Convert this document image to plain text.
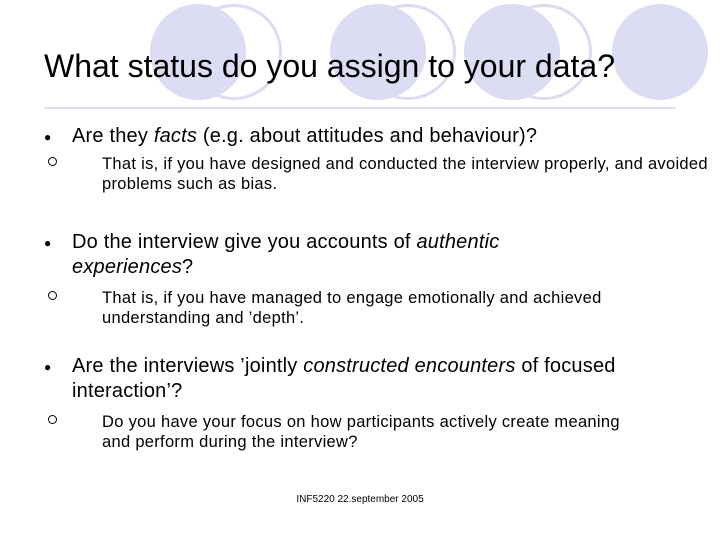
What status do you assign to your data?
● Are they facts (e.g. about attitudes and behaviour)?
That is, if you have designed and conducted the interview properly, and avoided problems such as bias.
● Do the interview give you accounts of authentic experiences?
That is, if you have managed to engage emotionally and achieved understanding and ’depth’.
● Are the interviews ’jointly constructed encounters of focused interaction’?
Do you have your focus on how participants actively create meaning and perform during the interview?
INF5220 22.september 2005
